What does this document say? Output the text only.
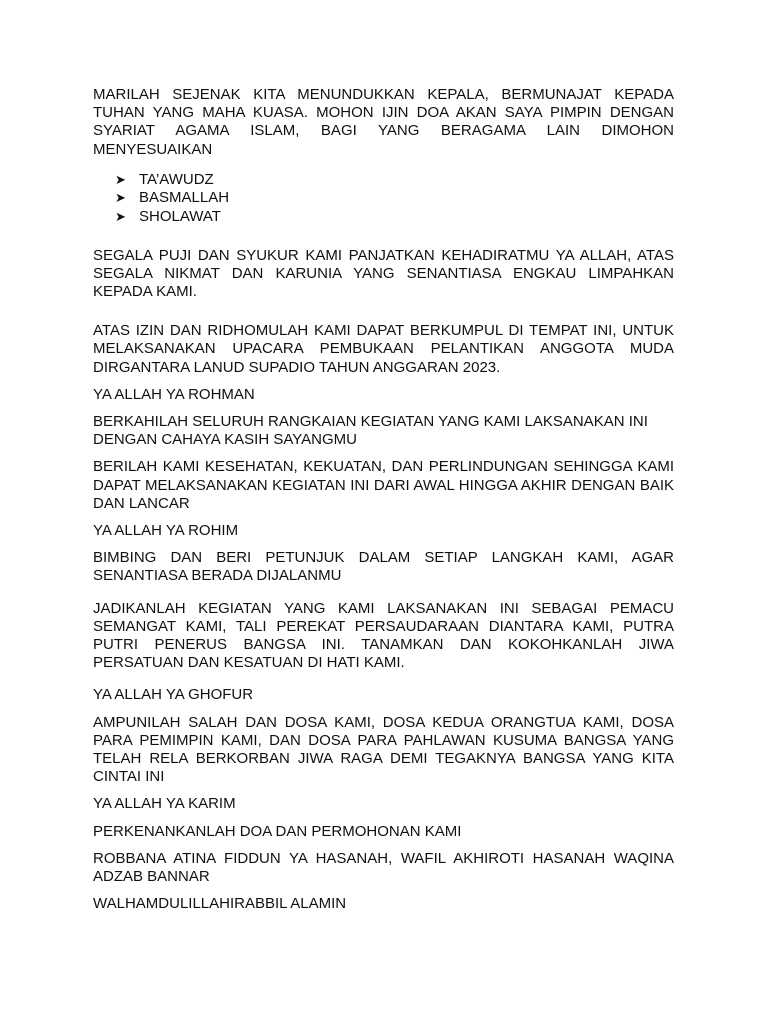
MARILAH SEJENAK KITA MENUNDUKKAN KEPALA, BERMUNAJAT KEPADA TUHAN YANG MAHA KUASA. MOHON IJIN DOA AKAN SAYA PIMPIN DENGAN SYARIAT AGAMA ISLAM, BAGI YANG BERAGAMA LAIN DIMOHON MENYESUAIKAN

➤ TA’AWUDZ
➤ BASMALLAH
➤ SHOLAWAT

SEGALA PUJI DAN SYUKUR KAMI PANJATKAN KEHADIRATMU YA ALLAH, ATAS SEGALA NIKMAT DAN KARUNIA YANG SENANTIASA ENGKAU LIMPAHKAN KEPADA KAMI.

ATAS IZIN DAN RIDHOMULAH KAMI DAPAT BERKUMPUL DI TEMPAT INI, UNTUK MELAKSANAKAN UPACARA PEMBUKAAN PELANTIKAN ANGGOTA MUDA DIRGANTARA LANUD SUPADIO TAHUN ANGGARAN 2023.

YA ALLAH YA ROHMAN

BERKAHILAH SELURUH RANGKAIAN KEGIATAN YANG KAMI LAKSANAKAN INI DENGAN CAHAYA KASIH SAYANGMU

BERILAH KAMI KESEHATAN, KEKUATAN, DAN PERLINDUNGAN SEHINGGA KAMI DAPAT MELAKSANAKAN KEGIATAN INI DARI AWAL HINGGA AKHIR DENGAN BAIK DAN LANCAR

YA ALLAH YA ROHIM

BIMBING DAN BERI PETUNJUK DALAM SETIAP LANGKAH KAMI, AGAR SENANTIASA BERADA DIJALANMU

JADIKANLAH KEGIATAN YANG KAMI LAKSANAKAN INI SEBAGAI PEMACU SEMANGAT KAMI, TALI PEREKAT PERSAUDARAAN DIANTARA KAMI, PUTRA PUTRI PENERUS BANGSA INI. TANAMKAN DAN KOKOHKANLAH JIWA PERSATUAN DAN KESATUAN DI HATI KAMI.

YA ALLAH YA GHOFUR

AMPUNILAH SALAH DAN DOSA KAMI, DOSA KEDUA ORANGTUA KAMI, DOSA PARA PEMIMPIN KAMI, DAN DOSA PARA PAHLAWAN KUSUMA BANGSA YANG TELAH RELA BERKORBAN JIWA RAGA DEMI TEGAKNYA BANGSA YANG KITA CINTAI INI

YA ALLAH YA KARIM

PERKENANKANLAH DOA DAN PERMOHONAN KAMI

ROBBANA ATINA FIDDUN YA HASANAH, WAFIL AKHIROTI HASANAH WAQINA ADZAB BANNAR

WALHAMDULILLAHIRABBIL ALAMIN
